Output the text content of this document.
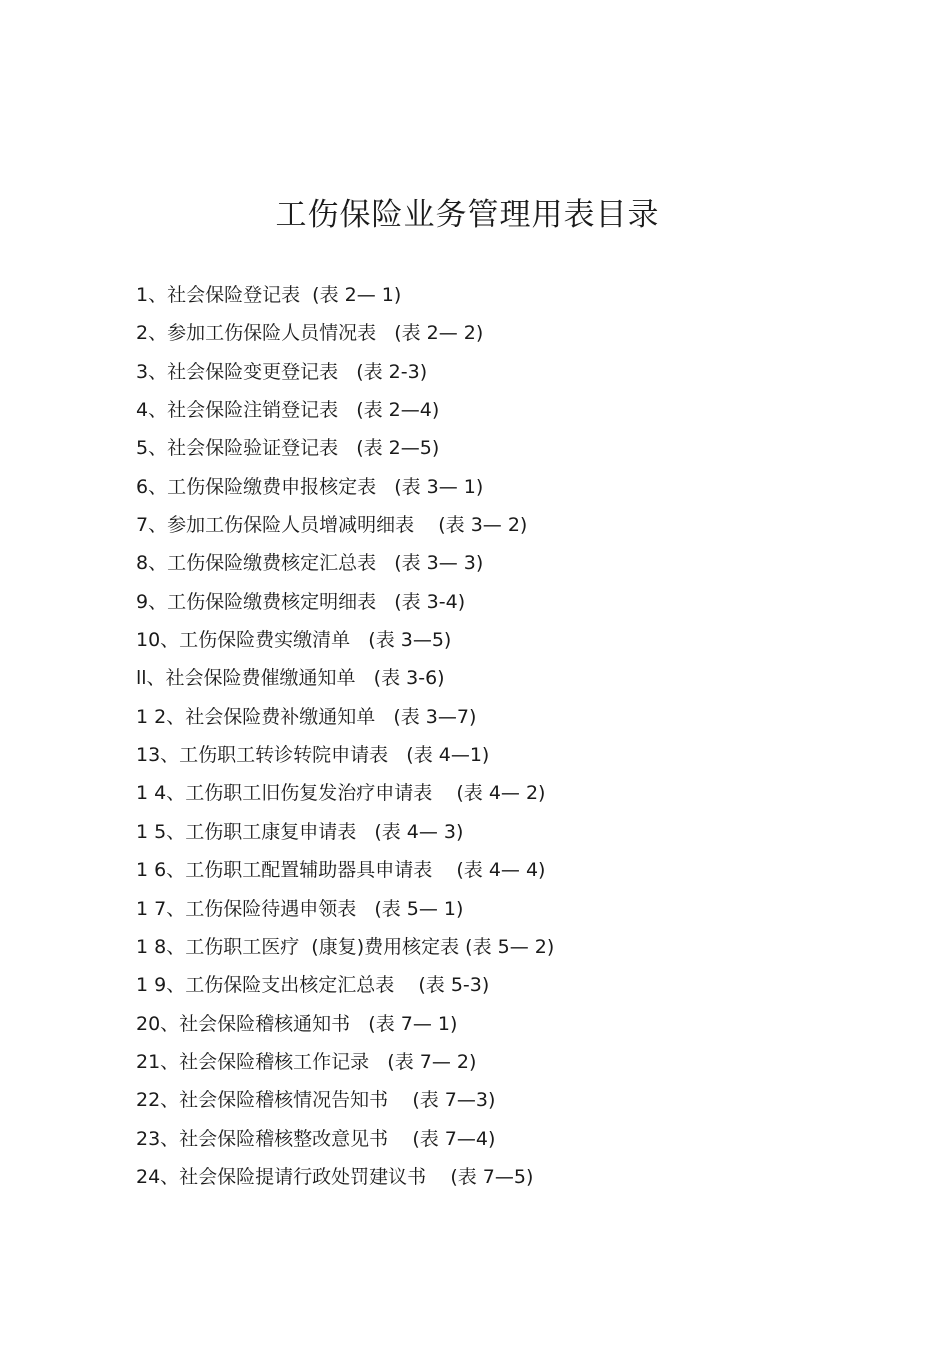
工伤保险业务管理用表目录
1、社会保险登记表  (表 2— 1)
2、参加工伤保险人员情况表   (表 2— 2)
3、社会保险变更登记表   (表 2-3)
4、社会保险注销登记表   (表 2—4)
5、社会保险验证登记表   (表 2—5)
6、工伤保险缴费申报核定表   (表 3— 1)
7、参加工伤保险人员增减明细表    (表 3— 2)
8、工伤保险缴费核定汇总表   (表 3— 3)
9、工伤保险缴费核定明细表   (表 3-4)
10、工伤保险费实缴清单   (表 3—5)
ll、社会保险费催缴通知单   (表 3-6)
1 2、社会保险费补缴通知单   (表 3—7)
13、工伤职工转诊转院申请表   (表 4—1)
1 4、工伤职工旧伤复发治疗申请表    (表 4— 2)
1 5、工伤职工康复申请表   (表 4— 3)
1 6、工伤职工配置辅助器具申请表    (表 4— 4)
1 7、工伤保险待遇申领表   (表 5— 1)
1 8、工伤职工医疗  (康复)费用核定表 (表 5— 2)
1 9、工伤保险支出核定汇总表    (表 5-3)
20、社会保险稽核通知书   (表 7— 1)
21、社会保险稽核工作记录   (表 7— 2)
22、社会保险稽核情况告知书    (表 7—3)
23、社会保险稽核整改意见书    (表 7—4)
24、社会保险提请行政处罚建议书    (表 7—5)
